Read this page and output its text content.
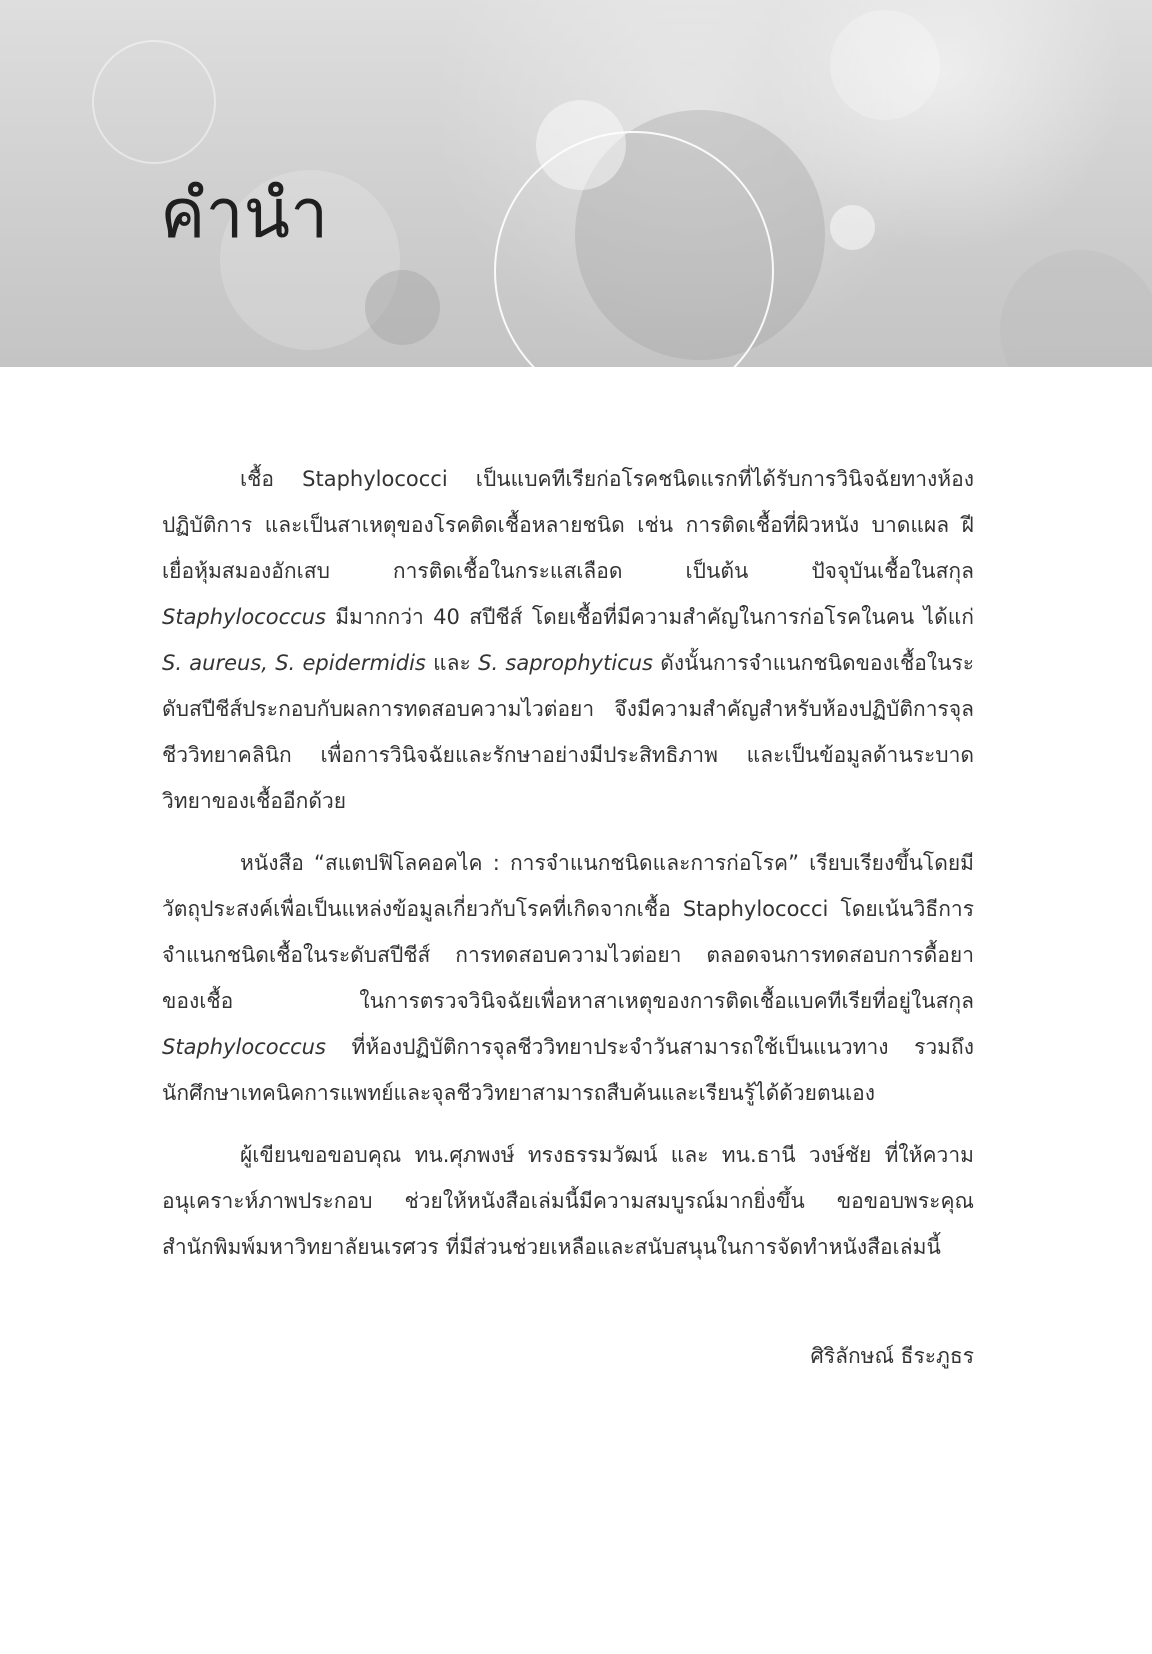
คำนำ

เชื้อ Staphylococci เป็นแบคทีเรียก่อโรคชนิดแรกที่ได้รับการวินิจฉัยทางห้องปฏิบัติการ และเป็นสาเหตุของโรคติดเชื้อหลายชนิด เช่น การติดเชื้อที่ผิวหนัง บาดแผล ฝี เยื่อหุ้มสมองอักเสบ การติดเชื้อในกระแสเลือด เป็นต้น ปัจจุบันเชื้อในสกุล Staphylococcus มีมากกว่า 40 สปีชีส์ โดยเชื้อที่มีความสำคัญในการก่อโรคในคน ได้แก่ S. aureus, S. epidermidis และ S. saprophyticus ดังนั้นการจำแนกชนิดของเชื้อในระดับสปีชีส์ประกอบกับผลการทดสอบความไวต่อยา จึงมีความสำคัญสำหรับห้องปฏิบัติการจุลชีววิทยาคลินิก เพื่อการวินิจฉัยและรักษาอย่างมีประสิทธิภาพ และเป็นข้อมูลด้านระบาดวิทยาของเชื้ออีกด้วย

หนังสือ “สแตปฟิโลคอคไค : การจำแนกชนิดและการก่อโรค” เรียบเรียงขึ้นโดยมีวัตถุประสงค์เพื่อเป็นแหล่งข้อมูลเกี่ยวกับโรคที่เกิดจากเชื้อ Staphylococci โดยเน้นวิธีการจำแนกชนิดเชื้อในระดับสปีชีส์ การทดสอบความไวต่อยา ตลอดจนการทดสอบการดื้อยาของเชื้อ ในการตรวจวินิจฉัยเพื่อหาสาเหตุของการติดเชื้อแบคทีเรียที่อยู่ในสกุล Staphylococcus ที่ห้องปฏิบัติการจุลชีววิทยาประจำวันสามารถใช้เป็นแนวทาง รวมถึงนักศึกษาเทคนิคการแพทย์และจุลชีววิทยาสามารถสืบค้นและเรียนรู้ได้ด้วยตนเอง

ผู้เขียนขอขอบคุณ ทน.ศุภพงษ์ ทรงธรรมวัฒน์ และ ทน.ธานี วงษ์ชัย ที่ให้ความอนุเคราะห์ภาพประกอบ ช่วยให้หนังสือเล่มนี้มีความสมบูรณ์มากยิ่งขึ้น ขอขอบพระคุณสำนักพิมพ์มหาวิทยาลัยนเรศวร ที่มีส่วนช่วยเหลือและสนับสนุนในการจัดทำหนังสือเล่มนี้

ศิริลักษณ์ ธีระภูธร
